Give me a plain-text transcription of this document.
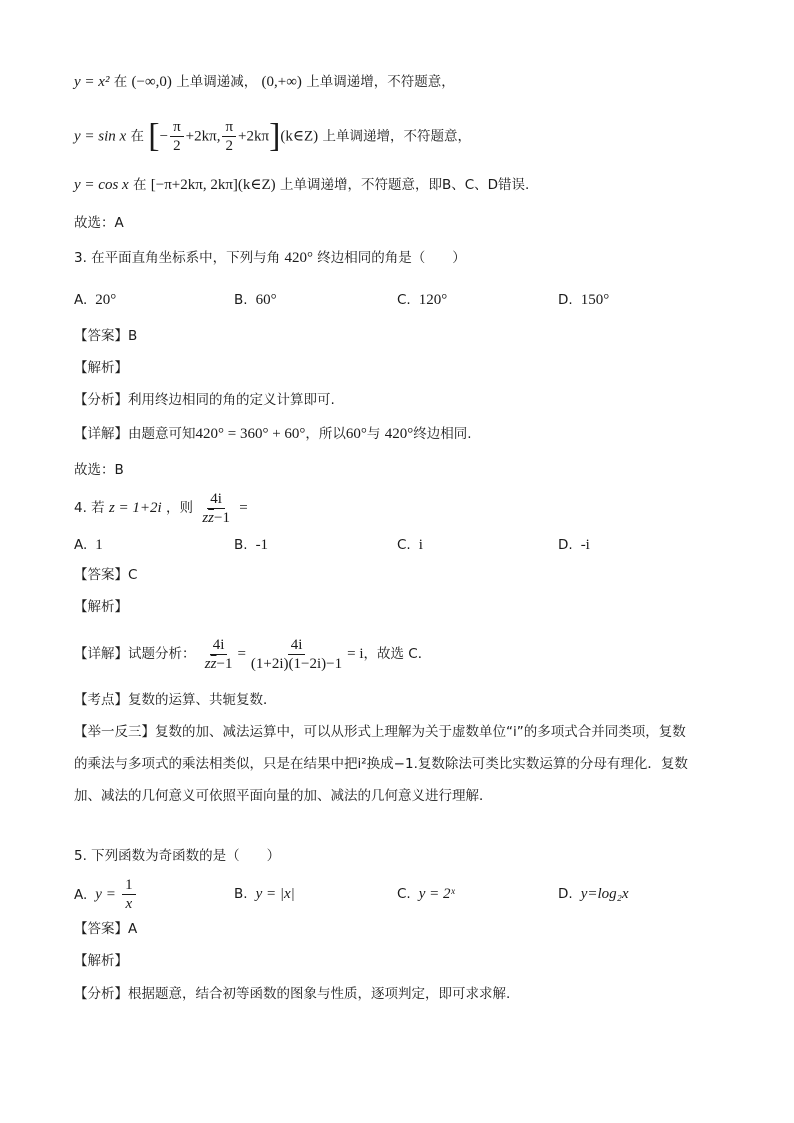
y = x² 在 (−∞,0) 上单调递减， (0,+∞) 上单调递增，不符题意，
y = sin x 在 [− $\frac{\pi}{2} +2k\pi$, $\frac{\pi}{2}$ +2kπ](k∈Z) 上单调递增，不符题意，
y = cos x 在 [−π+2kπ, 2kπ](k∈Z) 上单调递增，不符题意，即B、C、D错误.
故选：A
3. 在平面直角坐标系中，下列与角 420° 终边相同的角是（　　）
A. 20°	B. 60°	C. 120°	D. 150°
【答案】B
【解析】
【分析】利用终边相同的角的定义计算即可.
【详解】由题意可知420° = 360° + 60°，所以60°与 420°终边相同.
故选：B
4. 若 z = 1+2i ，则 $\frac{4i}{z\overline{z}-1}$ =
A. 1	B. -1	C. i	D. -i
【答案】C
【解析】
【详解】试题分析： $\frac{4i}{z\overline{z}-1} = \frac{4i}{(1+2i)(1-2i)-1} = i$，故选 C．
【考点】复数的运算、共轭复数．
【举一反三】复数的加、减法运算中，可以从形式上理解为关于虚数单位“i”的多项式合并同类项，复数
的乘法与多项式的乘法相类似，只是在结果中把i²换成−1.复数除法可类比实数运算的分母有理化．复数
加、减法的几何意义可依照平面向量的加、减法的几何意义进行理解．
5. 下列函数为奇函数的是（　　）
A. $y = \frac{1}{x}$	B. y = |x|	C. y = 2ˣ	D. y=log₂x
【答案】A
【解析】
【分析】根据题意，结合初等函数的图象与性质，逐项判定，即可求求解.
